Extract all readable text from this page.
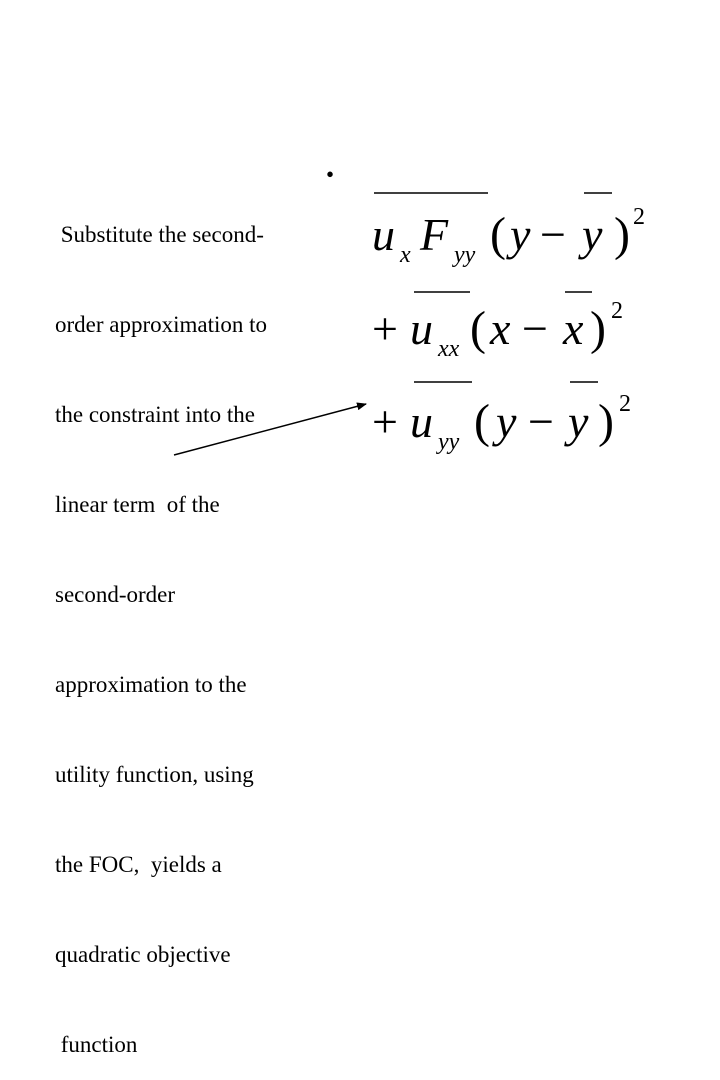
Substitute the second-

order approximation to

the constraint into the

linear term  of the

second-order

approximation to the

utility function, using

the FOC,  yields a

quadratic objective

function

•
u x F yy ( y − y ) 2
+ u xx ( x − x ) 2
+ u yy ( y − y ) 2
